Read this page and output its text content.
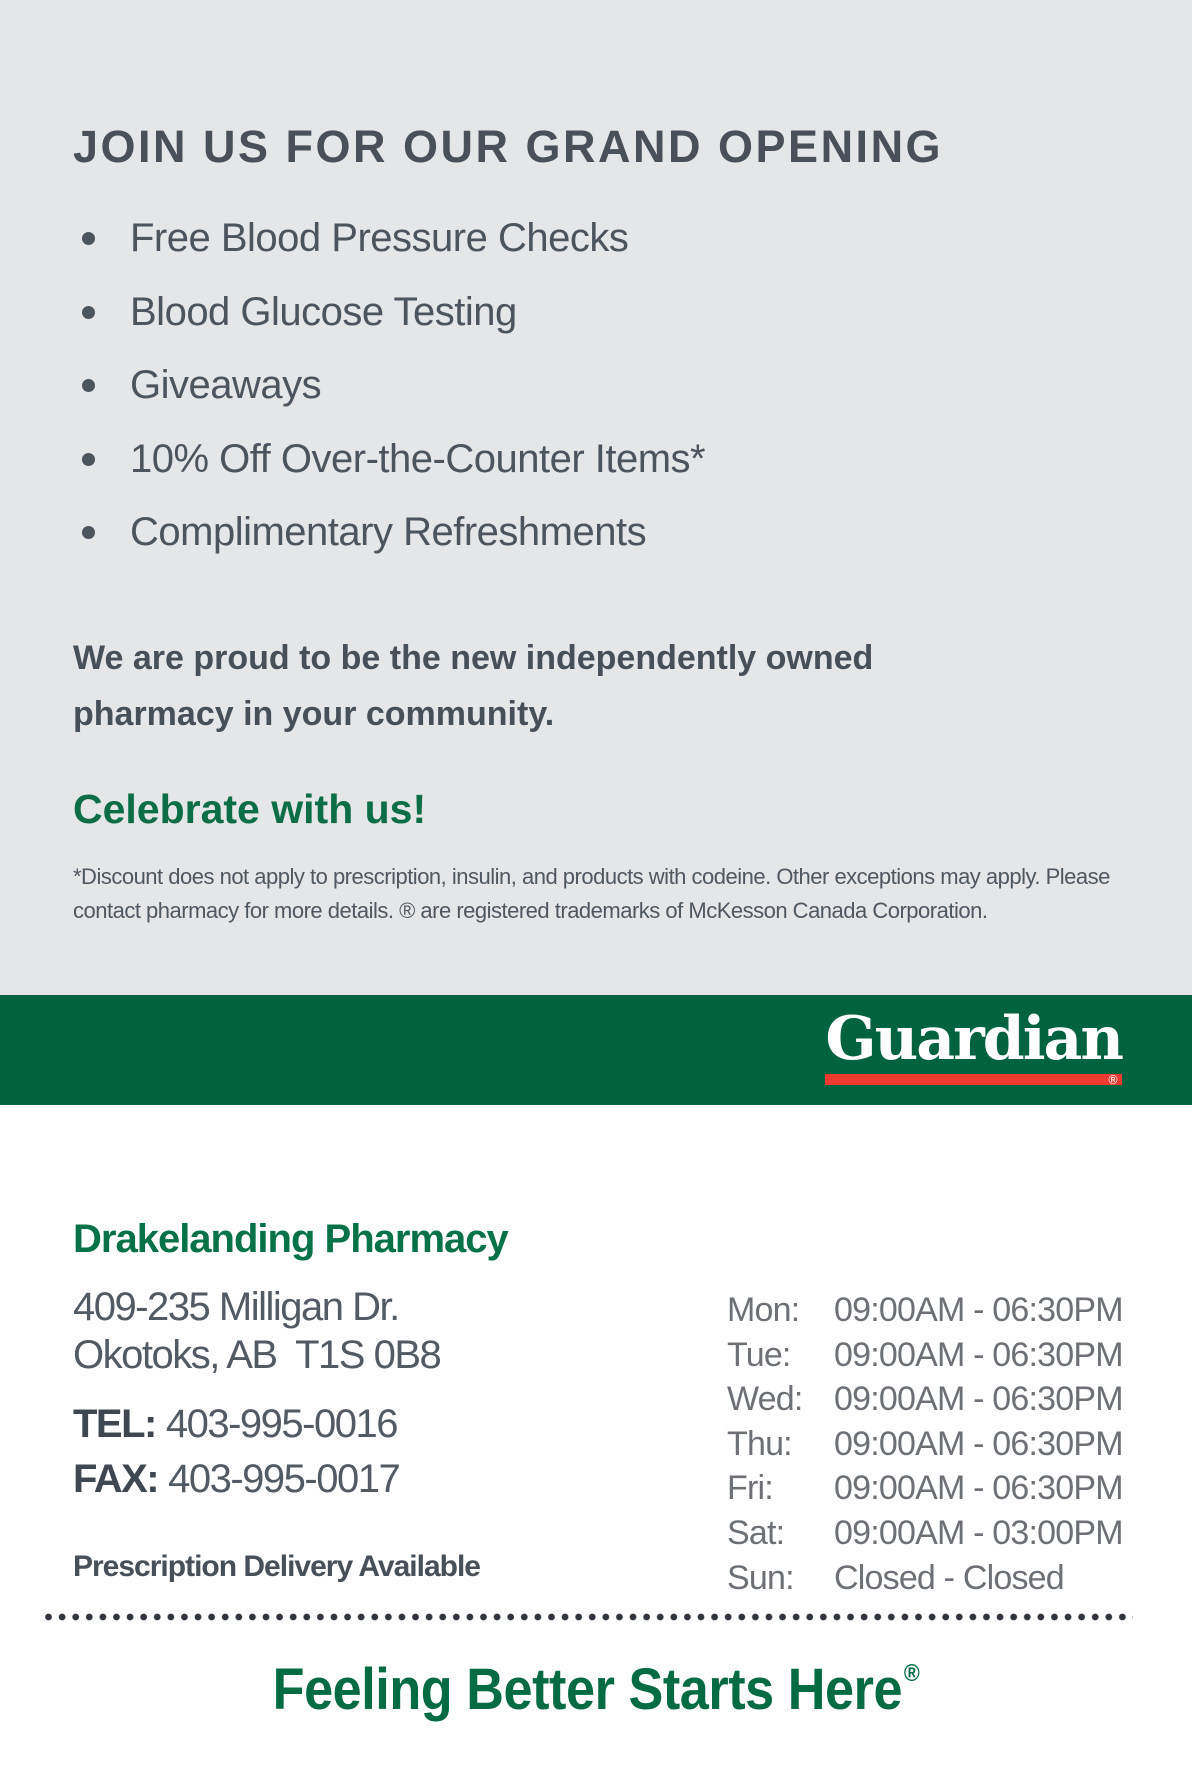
JOIN US FOR OUR GRAND OPENING
Free Blood Pressure Checks
Blood Glucose Testing
Giveaways
10% Off Over-the-Counter Items*
Complimentary Refreshments

We are proud to be the new independently owned pharmacy in your community.

Celebrate with us!

*Discount does not apply to prescription, insulin, and products with codeine. Other exceptions may apply. Please contact pharmacy for more details. ® are registered trademarks of McKesson Canada Corporation.

Guardian
®
Drakelanding Pharmacy

409-235 Milligan Dr.
Okotoks, AB  T1S 0B8

TEL: 403-995-0016
FAX: 403-995-0017

Prescription Delivery Available

Mon: 09:00AM - 06:30PM
Tue: 09:00AM - 06:30PM
Wed: 09:00AM - 06:30PM
Thu: 09:00AM - 06:30PM
Fri: 09:00AM - 06:30PM
Sat: 09:00AM - 03:00PM
Sun: Closed - Closed

Feeling Better Starts Here®
